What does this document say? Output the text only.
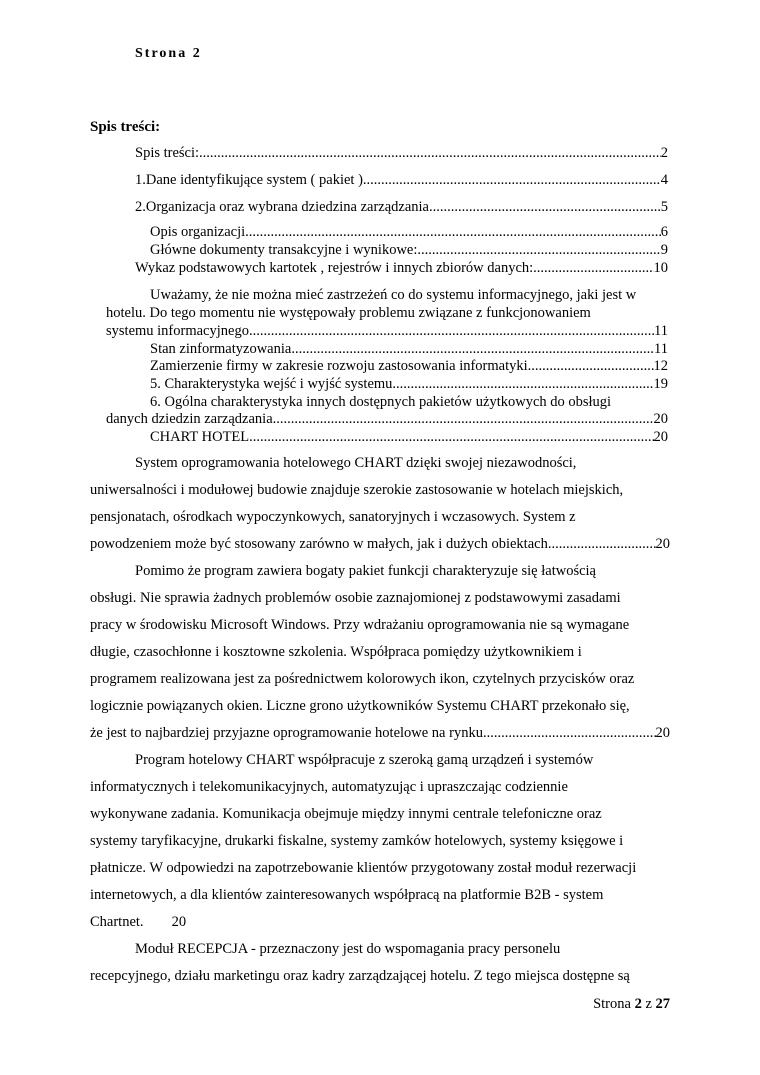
Strona 2
Spis treści:
Spis treści: .....	2
1.Dane identyfikujące system ( pakiet ) .....	4
2.Organizacja oraz wybrana dziedzina zarządzania .....	5
Opis organizacji .....	6
Główne dokumenty transakcyjne i wynikowe: .....	9
Wykaz podstawowych kartotek , rejestrów i innych zbiorów danych: .....	10
Uważamy, że nie można mieć zastrzeżeń co do systemu informacyjnego, jaki jest w
hotelu. Do tego momentu nie występowały problemu związane z funkcjonowaniem
systemu informacyjnego .....	11
Stan zinformatyzowania .....	11
Zamierzenie firmy w zakresie rozwoju zastosowania informatyki. .....	12
5. Charakterystyka wejść i wyjść systemu .....	19
6. Ogólna charakterystyka innych dostępnych pakietów użytkowych do obsługi
danych dziedzin zarządzania .....	20
CHART HOTEL .....	20
System oprogramowania hotelowego CHART dzięki swojej niezawodności,
uniwersalności i modułowej budowie znajduje szerokie zastosowanie w hotelach miejskich,
pensjonatach, ośrodkach wypoczynkowych, sanatoryjnych i wczasowych. System z
powodzeniem może być stosowany zarówno w małych, jak i dużych obiektach. .....	20
Pomimo że program zawiera bogaty pakiet funkcji charakteryzuje się łatwością
obsługi. Nie sprawia żadnych problemów osobie zaznajomionej z podstawowymi zasadami
pracy w środowisku Microsoft Windows. Przy wdrażaniu oprogramowania nie są wymagane
długie, czasochłonne i kosztowne szkolenia. Współpraca pomiędzy użytkownikiem i
programem realizowana jest za pośrednictwem kolorowych ikon, czytelnych przycisków oraz
logicznie powiązanych okien. Liczne grono użytkowników Systemu CHART przekonało się,
że jest to najbardziej przyjazne oprogramowanie hotelowe na rynku. .....	20
Program hotelowy CHART współpracuje z szeroką gamą urządzeń i systemów
informatycznych i telekomunikacyjnych, automatyzując i upraszczając codziennie
wykonywane zadania. Komunikacja obejmuje między innymi centrale telefoniczne oraz
systemy taryfikacyjne, drukarki fiskalne, systemy zamków hotelowych, systemy księgowe i
płatnicze. W odpowiedzi na zapotrzebowanie klientów przygotowany został moduł rezerwacji
internetowych, a dla klientów zainteresowanych współpracą na platformie B2B - system
Chartnet. 20
Moduł RECEPCJA - przeznaczony jest do wspomagania pracy personelu
recepcyjnego, działu marketingu oraz kadry zarządzającej hotelu. Z tego miejsca dostępne są
Strona 2 z 27
